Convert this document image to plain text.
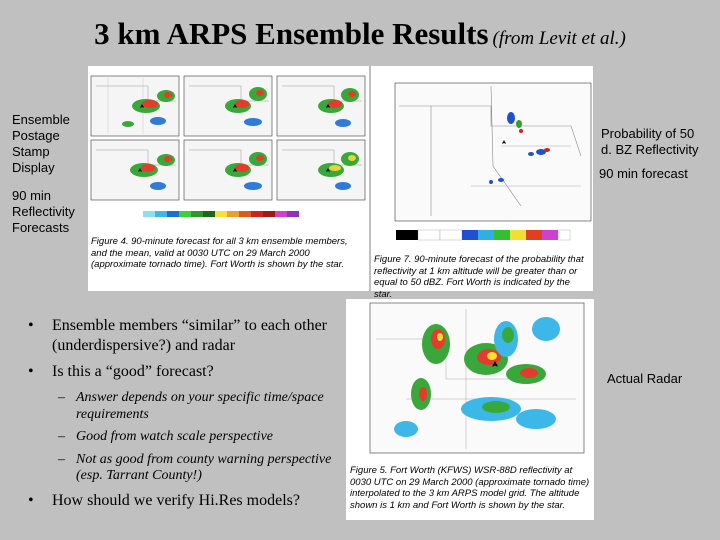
3 km ARPS Ensemble Results (from Levit et al.)
Ensemble
Postage
Stamp
Display
90 min
Reflectivity
Forecasts
Probability of 50
d. BZ Reflectivity
90 min forecast
Actual Radar
Figure 4. 90-minute forecast for all 3 km ensemble members, and the mean, valid at 0030 UTC on 29 March 2000 (approximate tornado time). Fort Worth is shown by the star.	Figure 7. 90-minute forecast of the probability that reflectivity at 1 km altitude will be greater than or equal to 50 dBZ. Fort Worth is indicated by the star.
Figure 5. Fort Worth (KFWS) WSR-88D reflectivity at 0030 UTC on 29 March 2000 (approximate tornado time) interpolated to the 3 km ARPS model grid. The altitude shown is 1 km and Fort Worth is shown by the star.
• Ensemble members “similar” to each other (underdispersive?) and radar
• Is this a “good” forecast?
– Answer depends on your specific time/space requirements
– Good from watch scale perspective
– Not as good from county warning perspective (esp. Tarrant County!)
• How should we verify Hi.Res models?
